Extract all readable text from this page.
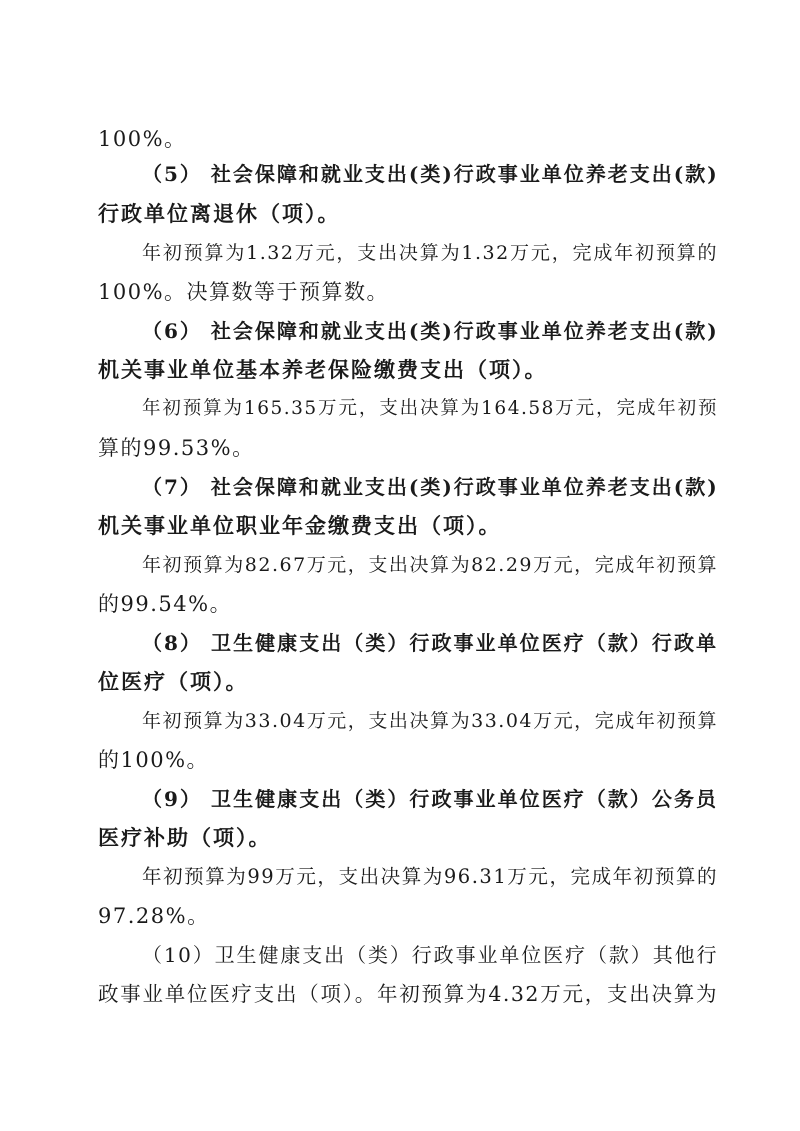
100%。
（5） 社会保障和就业支出(类)行政事业单位养老支出(款)
行政单位离退休（项）。
年初预算为1.32万元，支出决算为1.32万元，完成年初预算的
100%。决算数等于预算数。
（6） 社会保障和就业支出(类)行政事业单位养老支出(款)
机关事业单位基本养老保险缴费支出（项）。
年初预算为165.35万元，支出决算为164.58万元，完成年初预
算的99.53%。
（7） 社会保障和就业支出(类)行政事业单位养老支出(款)
机关事业单位职业年金缴费支出（项）。
年初预算为82.67万元，支出决算为82.29万元，完成年初预算
的99.54%。
（8） 卫生健康支出（类）行政事业单位医疗（款）行政单
位医疗（项）。
年初预算为33.04万元，支出决算为33.04万元，完成年初预算
的100%。
（9） 卫生健康支出（类）行政事业单位医疗（款）公务员
医疗补助（项）。
年初预算为99万元，支出决算为96.31万元，完成年初预算的
97.28%。
（10）卫生健康支出（类）行政事业单位医疗（款）其他行
政事业单位医疗支出（项）。年初预算为4.32万元，支出决算为
